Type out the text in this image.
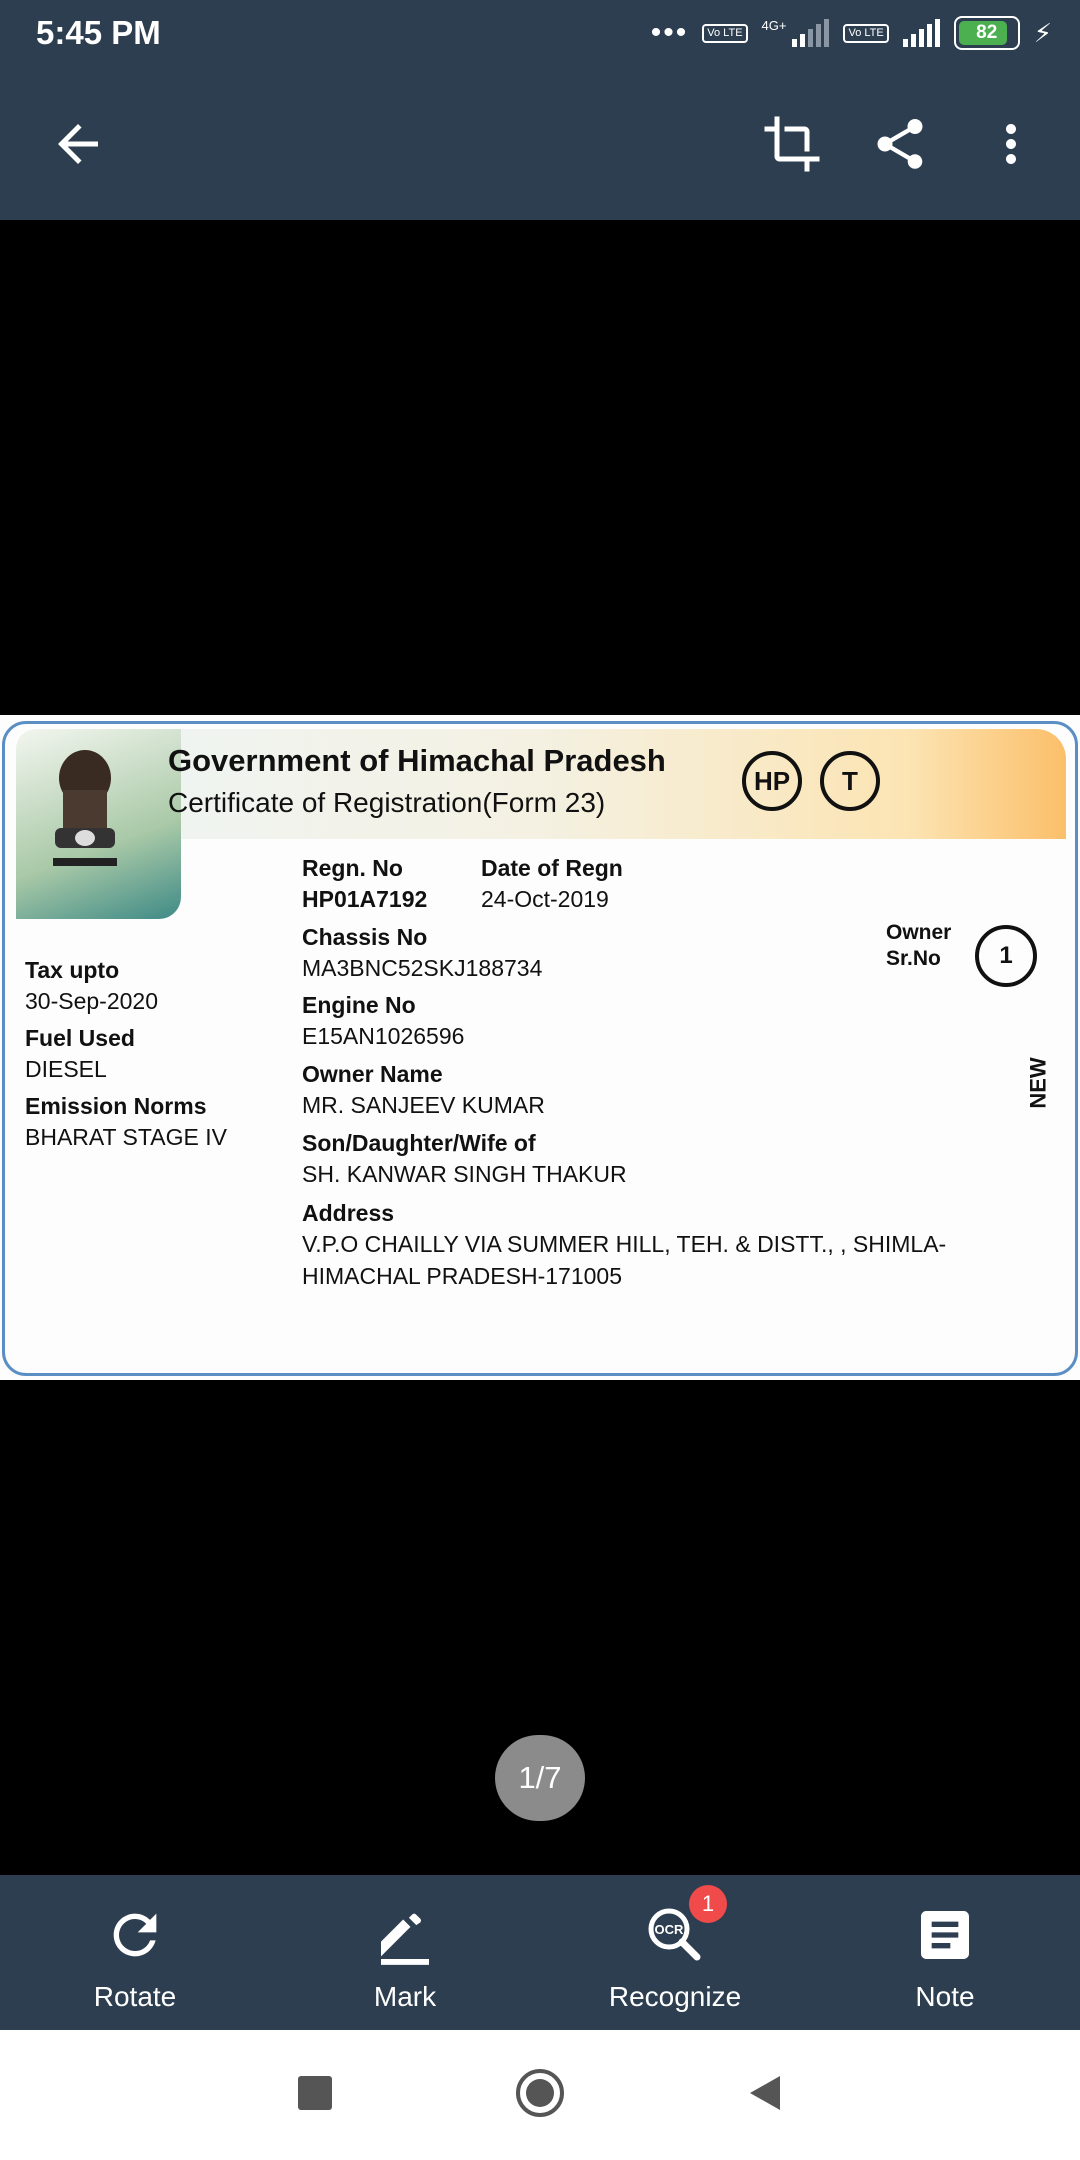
5:45 PM	•••	Vo LTE	4G+	Vo LTE	82 ⚡
Government of Himachal Pradesh
Certificate of Registration(Form 23)
HP	T
Tax upto
30-Sep-2020
Fuel Used
DIESEL
Emission Norms
BHARAT STAGE IV
Regn. No
HP01A7192
Date of Regn
24-Oct-2019
Chassis No
MA3BNC52SKJ188734
Engine No
E15AN1026596
Owner Name
MR. SANJEEV KUMAR
Son/Daughter/Wife of
SH. KANWAR SINGH THAKUR
Address
V.P.O CHAILLY VIA SUMMER HILL, TEH. & DISTT., , SHIMLA-
HIMACHAL PRADESH-171005
Owner
Sr.No	1
NEW
1/7
Rotate	Mark
OCR
1
Recognize	Note
